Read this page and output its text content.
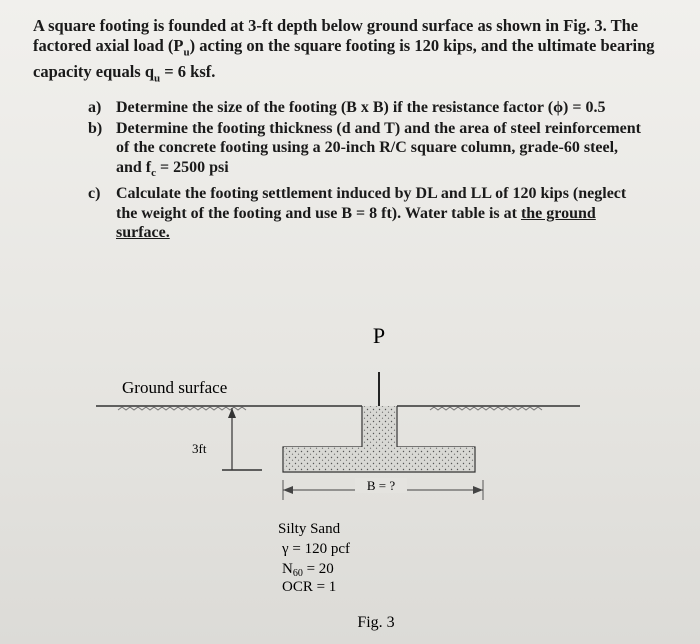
A square footing is founded at 3-ft depth below ground surface as shown in Fig. 3. The
factored axial load $(P_u)$ acting on the square footing is 120 kips, and the ultimate bearing
capacity equals $q_u = 6$ ksf.
a) Determine the size of the footing (B x B) if the resistance factor (ϕ) = 0.5
b) Determine the footing thickness (d and T) and the area of steel reinforcement
of the concrete footing using a 20-inch R/C square column, grade-60 steel,
and $f_c = 2500$ psi
c) Calculate the footing settlement induced by DL and LL of 120 kips (neglect
the weight of the footing and use B = 8 ft). Water table is at the ground
surface.
P
Ground surface
3ft
B = ?
Silty Sand
γ = 120 pcf
$N_{60} = 20$
OCR = 1
Fig. 3
